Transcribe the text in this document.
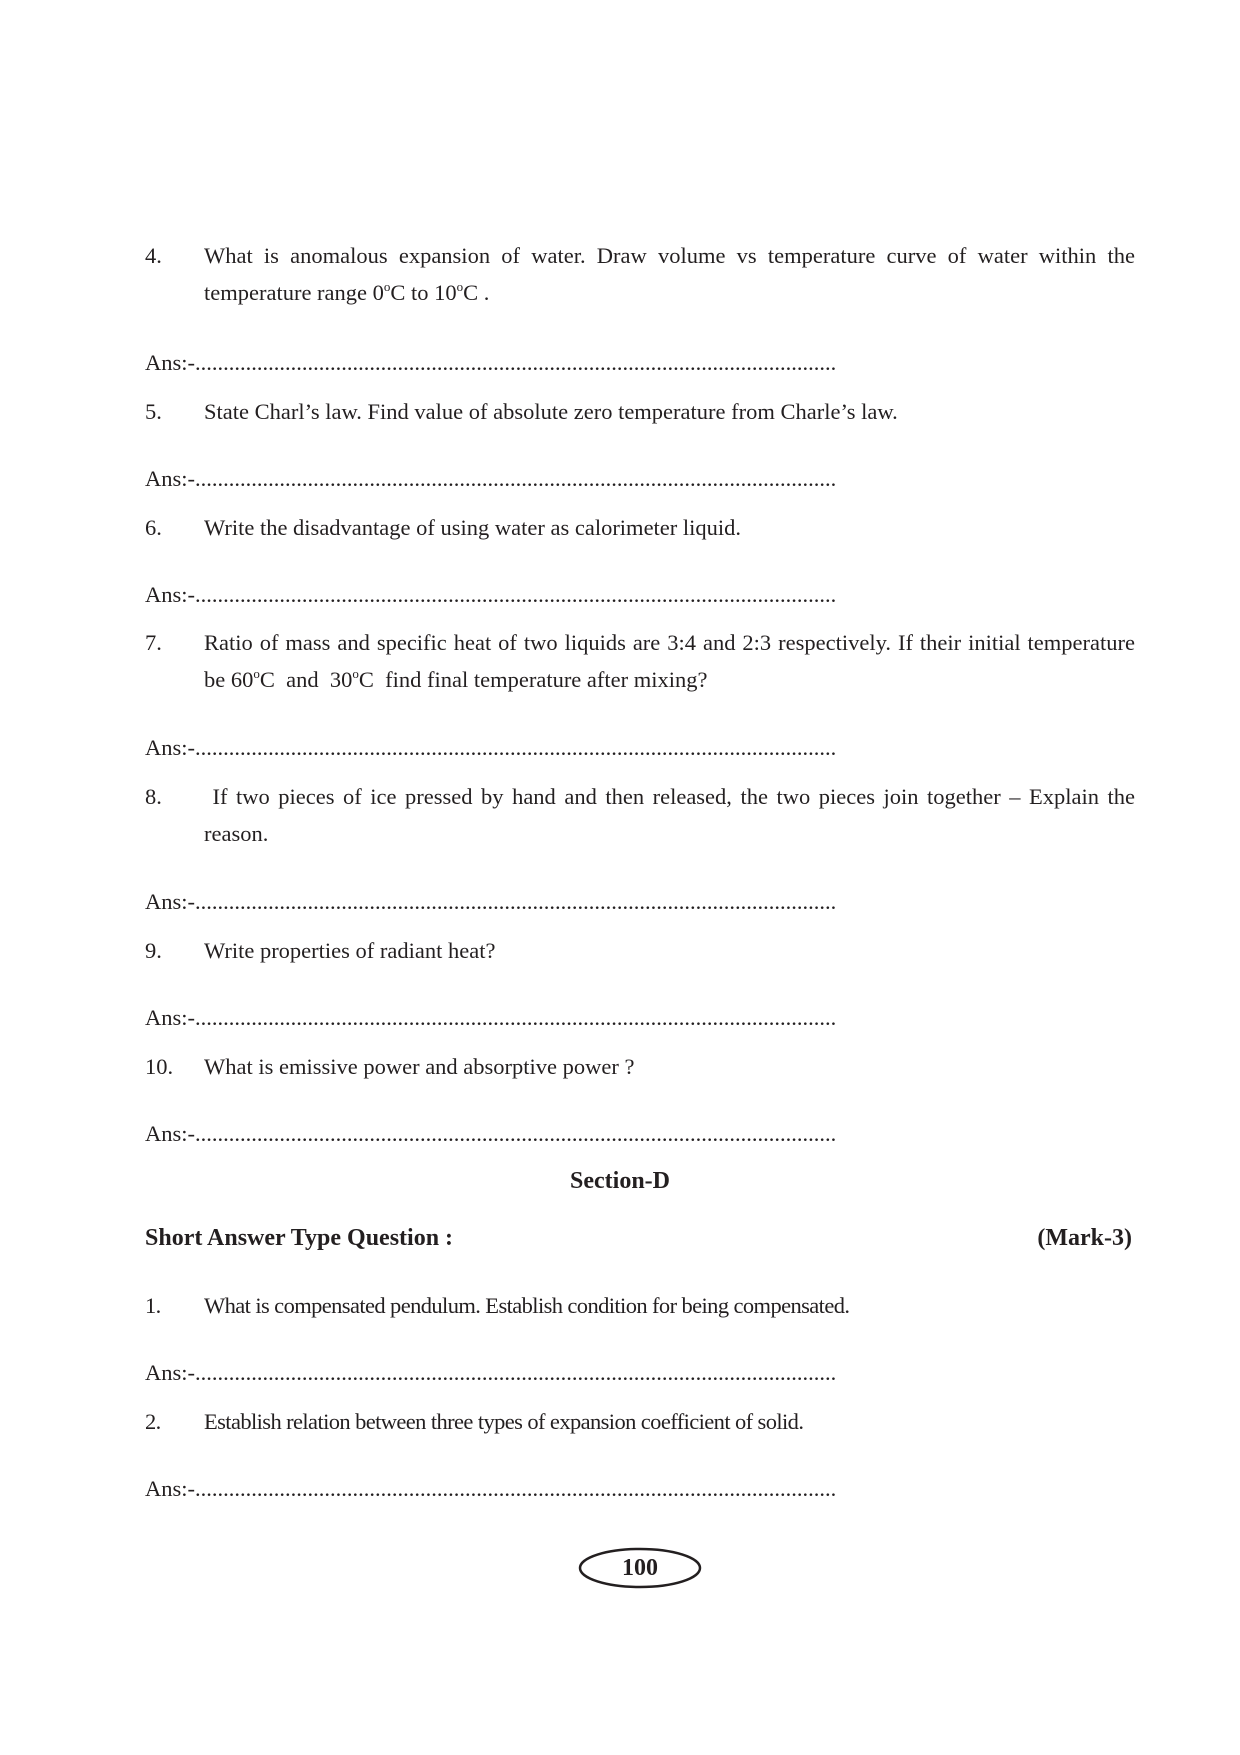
4.	What is anomalous expansion of water. Draw volume vs temperature curve of water within the temperature range 0$^o$C to 10$^o$C .
Ans:-..................................................................................................................
5.	State Charl’s law. Find value of absolute zero temperature from Charle’s law.
Ans:-..................................................................................................................
6.	Write the disadvantage of using water as calorimeter liquid.
Ans:-..................................................................................................................
7.	Ratio of mass and specific heat of two liquids are 3:4 and 2:3 respectively. If their initial temperature be 60$^o$C  and  30$^o$C  find final temperature after mixing?
Ans:-..................................................................................................................
8.	If two pieces of ice pressed by hand and then released, the two pieces join together – Explain the reason.
Ans:-..................................................................................................................
9.	Write properties of radiant heat?
Ans:-..................................................................................................................
10.	What is emissive power and absorptive power ?
Ans:-..................................................................................................................
Section-D
Short Answer Type Question :	(Mark-3)
1.	What is compensated pendulum. Establish condition for being compensated.
Ans:-..................................................................................................................
2.	Establish relation between three types of expansion coefficient of solid.
Ans:-..................................................................................................................
100
